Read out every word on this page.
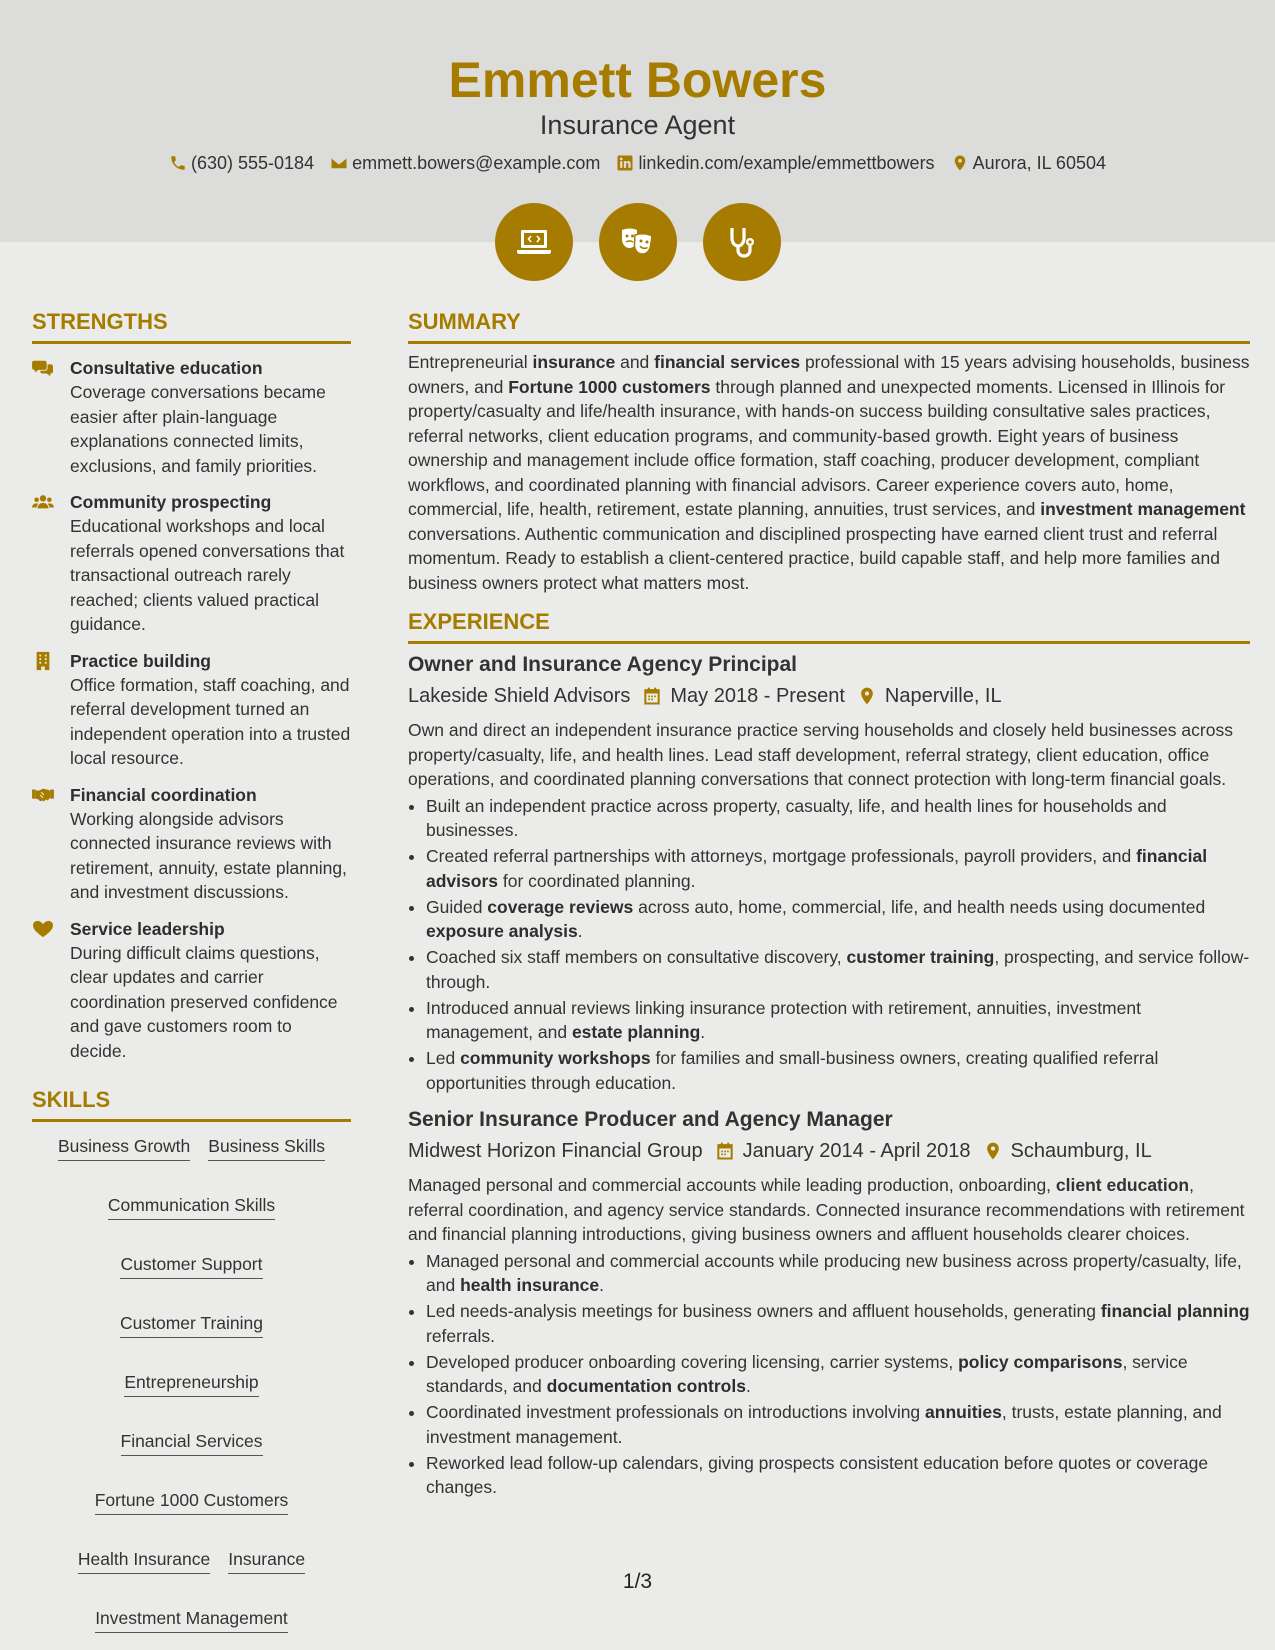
Emmett Bowers
Insurance Agent
(630) 555-0184 emmett.bowers@example.com linkedin.com/example/emmettbowers Aurora, IL 60504
STRENGTHS
Consultative education
Coverage conversations became easier after plain-language explanations connected limits, exclusions, and family priorities.
Community prospecting
Educational workshops and local referrals opened conversations that transactional outreach rarely reached; clients valued practical guidance.
Practice building
Office formation, staff coaching, and referral development turned an independent operation into a trusted local resource.
Financial coordination
Working alongside advisors connected insurance reviews with retirement, annuity, estate planning, and investment discussions.
Service leadership
During difficult claims questions, clear updates and carrier coordination preserved confidence and gave customers room to decide.
SKILLS
Business Growth Business Skills
Communication Skills
Customer Support
Customer Training
Entrepreneurship
Financial Services
Fortune 1000 Customers
Health Insurance Insurance
Investment Management
SUMMARY
Entrepreneurial insurance and financial services professional with 15 years advising households, business owners, and Fortune 1000 customers through planned and unexpected moments. Licensed in Illinois for property/casualty and life/health insurance, with hands-on success building consultative sales practices, referral networks, client education programs, and community-based growth. Eight years of business ownership and management include office formation, staff coaching, producer development, compliant workflows, and coordinated planning with financial advisors. Career experience covers auto, home, commercial, life, health, retirement, estate planning, annuities, trust services, and investment management conversations. Authentic communication and disciplined prospecting have earned client trust and referral momentum. Ready to establish a client-centered practice, build capable staff, and help more families and business owners protect what matters most.
EXPERIENCE
Owner and Insurance Agency Principal
Lakeside Shield Advisors May 2018 - Present Naperville, IL
Own and direct an independent insurance practice serving households and closely held businesses across property/casualty, life, and health lines. Lead staff development, referral strategy, client education, office operations, and coordinated planning conversations that connect protection with long-term financial goals.
• Built an independent practice across property, casualty, life, and health lines for households and businesses.
• Created referral partnerships with attorneys, mortgage professionals, payroll providers, and financial advisors for coordinated planning.
• Guided coverage reviews across auto, home, commercial, life, and health needs using documented exposure analysis.
• Coached six staff members on consultative discovery, customer training, prospecting, and service follow-through.
• Introduced annual reviews linking insurance protection with retirement, annuities, investment management, and estate planning.
• Led community workshops for families and small-business owners, creating qualified referral opportunities through education.
Senior Insurance Producer and Agency Manager
Midwest Horizon Financial Group January 2014 - April 2018 Schaumburg, IL
Managed personal and commercial accounts while leading production, onboarding, client education, referral coordination, and agency service standards. Connected insurance recommendations with retirement and financial planning introductions, giving business owners and affluent households clearer choices.
• Managed personal and commercial accounts while producing new business across property/casualty, life, and health insurance.
• Led needs-analysis meetings for business owners and affluent households, generating financial planning referrals.
• Developed producer onboarding covering licensing, carrier systems, policy comparisons, service standards, and documentation controls.
• Coordinated investment professionals on introductions involving annuities, trusts, estate planning, and investment management.
• Reworked lead follow-up calendars, giving prospects consistent education before quotes or coverage changes.
1/3
